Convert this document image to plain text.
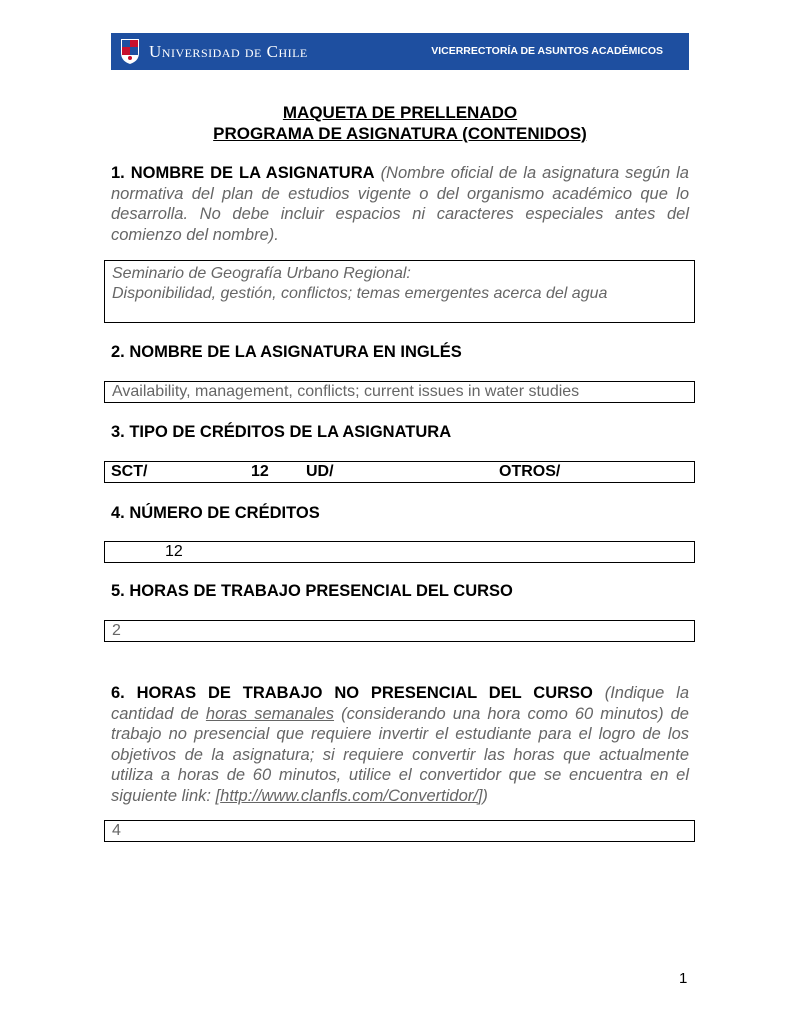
Universidad de Chile	VICERRECTORÍA DE ASUNTOS ACADÉMICOS
MAQUETA DE PRELLENADO
PROGRAMA DE ASIGNATURA (CONTENIDOS)
1. NOMBRE DE LA ASIGNATURA (Nombre oficial de la asignatura según la normativa del plan de estudios vigente o del organismo académico que lo desarrolla. No debe incluir espacios ni caracteres especiales antes del comienzo del nombre).
Seminario de Geografía Urbano Regional:
Disponibilidad, gestión, conflictos; temas emergentes acerca del agua
2. NOMBRE DE LA ASIGNATURA EN INGLÉS
Availability, management, conflicts; current issues in water studies
3. TIPO DE CRÉDITOS DE LA ASIGNATURA
SCT/	12 UD/	OTROS/
4. NÚMERO DE CRÉDITOS
12
5. HORAS DE TRABAJO PRESENCIAL DEL CURSO
2
6. HORAS DE TRABAJO NO PRESENCIAL DEL CURSO (Indique la cantidad de horas semanales (considerando una hora como 60 minutos) de trabajo no presencial que requiere invertir el estudiante para el logro de los objetivos de la asignatura; si requiere convertir las horas que actualmente utiliza a horas de 60 minutos, utilice el convertidor que se encuentra en el siguiente link: [http://www.clanfls.com/Convertidor/])
4
1
